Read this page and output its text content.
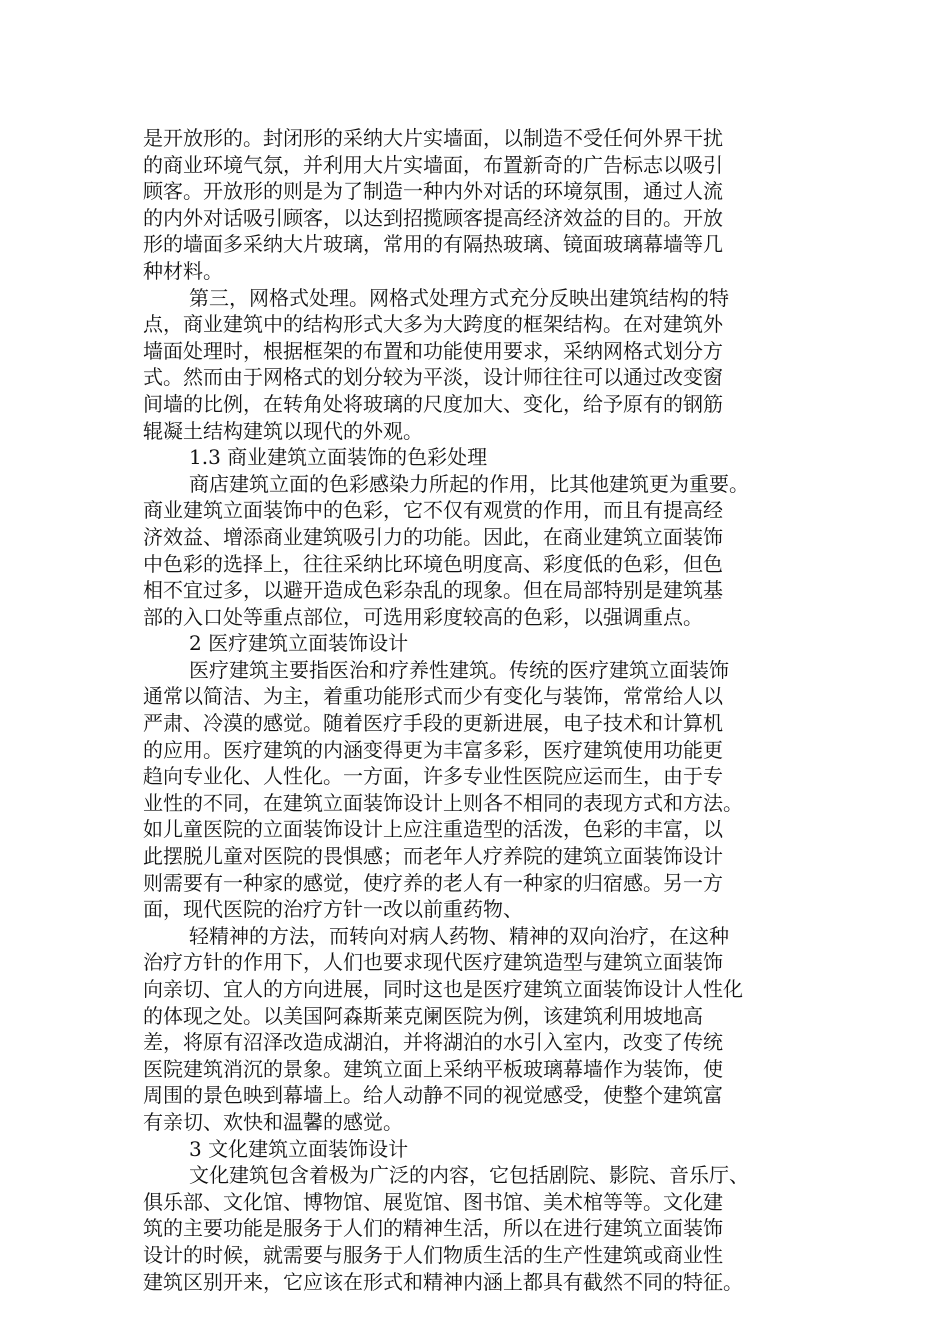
是开放形的。封闭形的采纳大片实墙面，以制造不受任何外界干扰
的商业环境气氛，并利用大片实墙面，布置新奇的广告标志以吸引
顾客。开放形的则是为了制造一种内外对话的环境氛围，通过人流
的内外对话吸引顾客，以达到招揽顾客提高经济效益的目的。开放
形的墙面多采纳大片玻璃，常用的有隔热玻璃、镜面玻璃幕墙等几
种材料。
第三，网格式处理。网格式处理方式充分反映出建筑结构的特
点，商业建筑中的结构形式大多为大跨度的框架结构。在对建筑外
墙面处理时，根据框架的布置和功能使用要求，采纳网格式划分方
式。然而由于网格式的划分较为平淡，设计师往往可以通过改变窗
间墙的比例，在转角处将玻璃的尺度加大、变化，给予原有的钢筋
辊凝土结构建筑以现代的外观。
1.3 商业建筑立面装饰的色彩处理
商店建筑立面的色彩感染力所起的作用，比其他建筑更为重要。
商业建筑立面装饰中的色彩，它不仅有观赏的作用，而且有提高经
济效益、增添商业建筑吸引力的功能。因此，在商业建筑立面装饰
中色彩的选择上，往往采纳比环境色明度高、彩度低的色彩，但色
相不宜过多，以避开造成色彩杂乱的现象。但在局部特别是建筑基
部的入口处等重点部位，可选用彩度较高的色彩，以强调重点。
2 医疗建筑立面装饰设计
医疗建筑主要指医治和疗养性建筑。传统的医疗建筑立面装饰
通常以简洁、为主，着重功能形式而少有变化与装饰，常常给人以
严肃、冷漠的感觉。随着医疗手段的更新进展，电子技术和计算机
的应用。医疗建筑的内涵变得更为丰富多彩，医疗建筑使用功能更
趋向专业化、人性化。一方面，许多专业性医院应运而生，由于专
业性的不同，在建筑立面装饰设计上则各不相同的表现方式和方法。
如儿童医院的立面装饰设计上应注重造型的活泼，色彩的丰富，以
此摆脱儿童对医院的畏惧感；而老年人疗养院的建筑立面装饰设计
则需要有一种家的感觉，使疗养的老人有一种家的归宿感。另一方
面，现代医院的治疗方针一改以前重药物、
轻精神的方法，而转向对病人药物、精神的双向治疗，在这种
治疗方针的作用下，人们也要求现代医疗建筑造型与建筑立面装饰
向亲切、宜人的方向进展，同时这也是医疗建筑立面装饰设计人性化
的体现之处。以美国阿森斯莱克阑医院为例，该建筑利用坡地高
差，将原有沼泽改造成湖泊，并将湖泊的水引入室内，改变了传统
医院建筑消沉的景象。建筑立面上采纳平板玻璃幕墙作为装饰，使
周围的景色映到幕墙上。给人动静不同的视觉感受，使整个建筑富
有亲切、欢快和温馨的感觉。
3 文化建筑立面装饰设计
文化建筑包含着极为广泛的内容，它包括剧院、影院、音乐厅、
俱乐部、文化馆、博物馆、展览馆、图书馆、美术棺等等。文化建
筑的主要功能是服务于人们的精神生活，所以在进行建筑立面装饰
设计的时候，就需要与服务于人们物质生活的生产性建筑或商业性
建筑区别开来，它应该在形式和精神内涵上都具有截然不同的特征。
